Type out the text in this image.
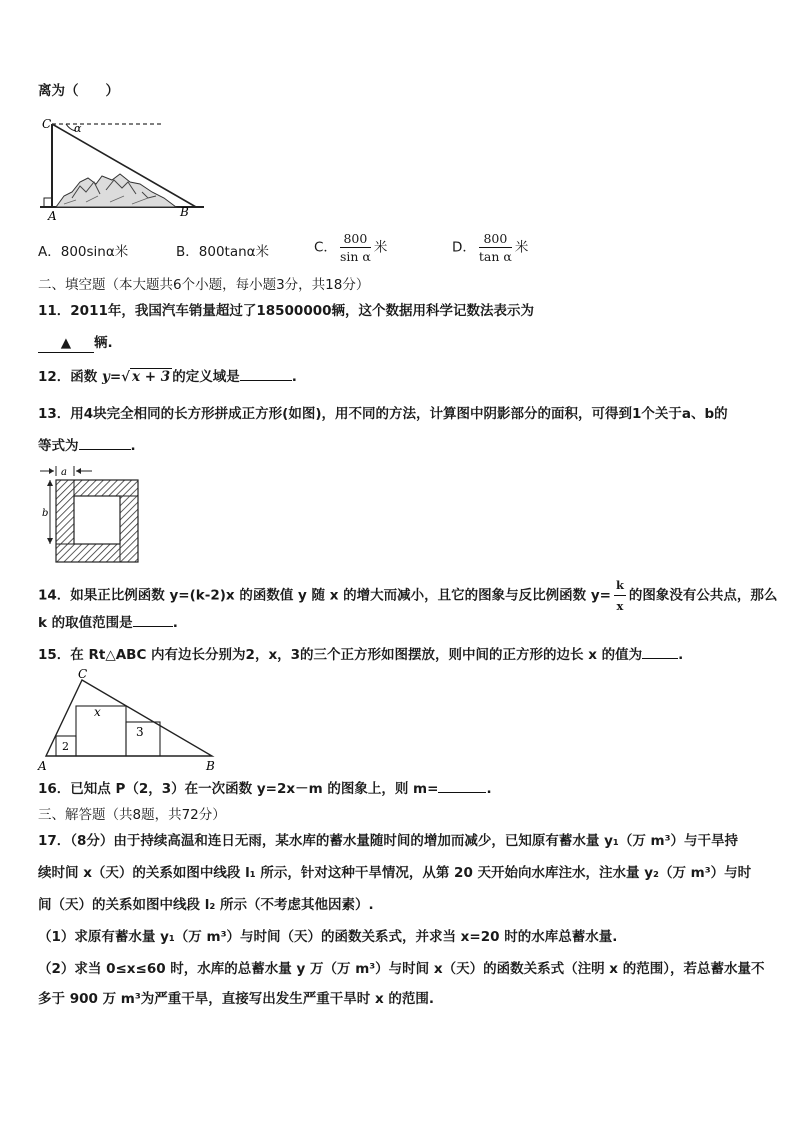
离为（　　）
C α
A	B
A．800sinα米	B．800tanα米	C． $\frac{800}{\text{sin α}}$ 米	D． $\frac{800}{\text{tan α}}$ 米
二、填空题（本大题共6个小题，每小题3分，共18分）
11．2011年，我国汽车销量超过了18500000辆，这个数据用科学记数法表示为
▲ 辆.
12．函数 y=√ x + 3 的定义域是	.
13．用4块完全相同的长方形拼成正方形(如图)，用不同的方法，计算图中阴影部分的面积，可得到1个关于a、b的
等式为	.
a
b
14．如果正比例函数 y=(k-2)x 的函数值 y 随 x 的增大而减小，且它的图象与反比例函数 $y= \frac{k}{x}$ 的图象没有公共点，那么
k 的取值范围是	.
15．在 Rt△ABC 内有边长分别为2，x，3的三个正方形如图摆放，则中间的正方形的边长 x 的值为	.
C
A	B
x
2
3
16．已知点 P（2，3）在一次函数 y=2x－m 的图象上，则 m=	.
三、解答题（共8题，共72分）
17．（8分）由于持续高温和连日无雨，某水库的蓄水量随时间的增加而减少，已知原有蓄水量 y₁（万 m³）与干旱持
续时间 x（天）的关系如图中线段 l₁ 所示，针对这种干旱情况，从第 20 天开始向水库注水，注水量 y₂（万 m³）与时
间（天）的关系如图中线段 l₂ 所示（不考虑其他因素）.
（1）求原有蓄水量 y₁（万 m³）与时间（天）的函数关系式，并求当 x=20 时的水库总蓄水量.
（2）求当 0≤x≤60 时，水库的总蓄水量 y 万（万 m³）与时间 x（天）的函数关系式（注明 x 的范围），若总蓄水量不
多于 900 万 m³为严重干旱，直接写出发生严重干旱时 x 的范围.
